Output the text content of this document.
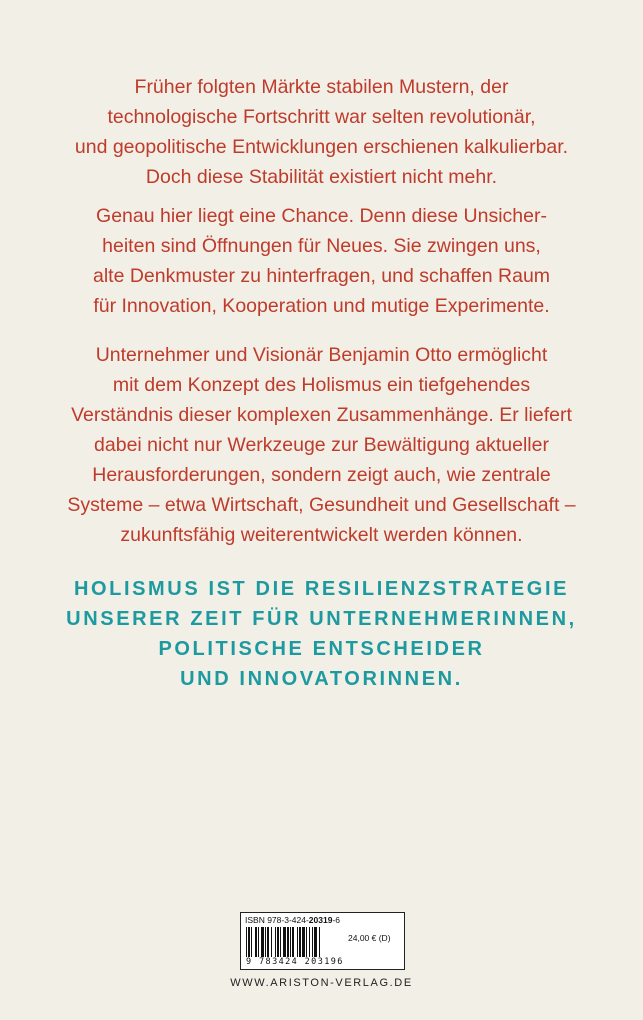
Früher folgten Märkte stabilen Mustern, der
technologische Fortschritt war selten revolutionär,
und geopolitische Entwicklungen erschienen kalkulierbar.
Doch diese Stabilität existiert nicht mehr.
Genau hier liegt eine Chance. Denn diese Unsicher-
heiten sind Öffnungen für Neues. Sie zwingen uns,
alte Denkmuster zu hinterfragen, und schaffen Raum
für Innovation, Kooperation und mutige Experimente.
Unternehmer und Visionär Benjamin Otto ermöglicht
mit dem Konzept des Holismus ein tiefgehendes
Verständnis dieser komplexen Zusammenhänge. Er liefert
dabei nicht nur Werkzeuge zur Bewältigung aktueller
Herausforderungen, sondern zeigt auch, wie zentrale
Systeme – etwa Wirtschaft, Gesundheit und Gesellschaft –
zukunftsfähig weiterentwickelt werden können.
HOLISMUS IST DIE RESILIENZSTRATEGIE
UNSERER ZEIT FÜR UNTERNEHMERINNEN,
POLITISCHE ENTSCHEIDER
UND INNOVATORINNEN.
ISBN 978-3-424-20319-6
9 783424 203196
24,00 € (D)
WWW.ARISTON-VERLAG.DE
